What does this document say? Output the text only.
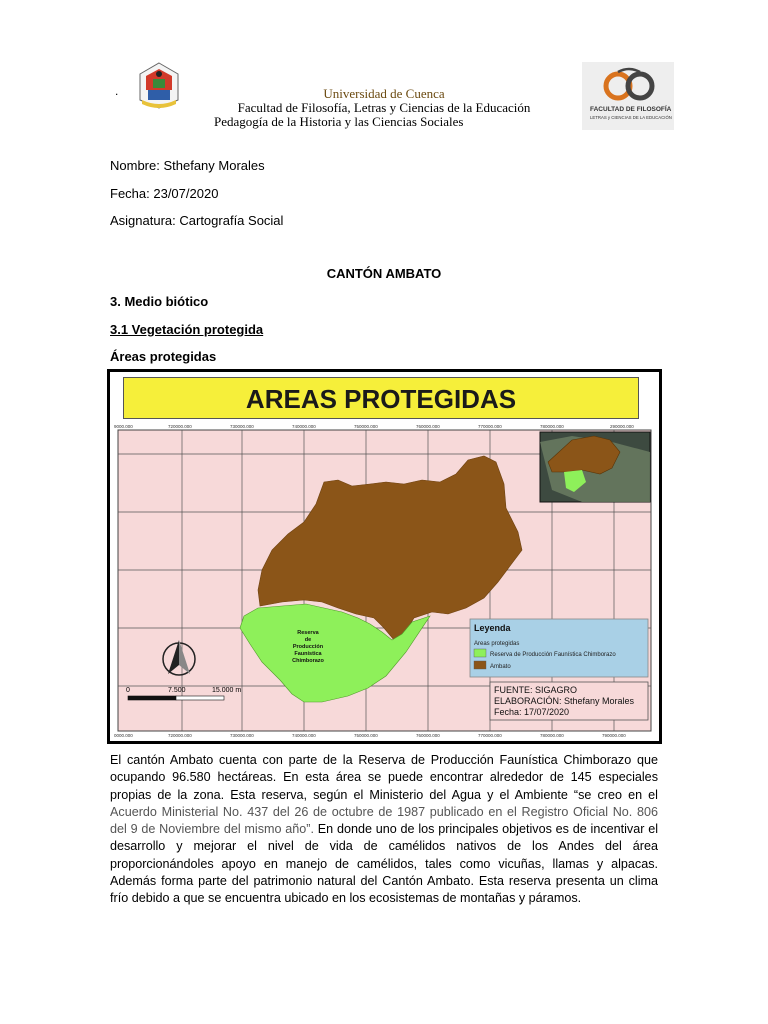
.	Universidad de Cuenca
Facultad de Filosofía, Letras y Ciencias de la Educación
Pedagogía de la Historia y las Ciencias Sociales
FACULTAD DE FILOSOFÍA
LETRAS y CIENCIAS DE LA EDUCACIÓN
Nombre: Sthefany Morales
Fecha: 23/07/2020
Asignatura: Cartografía Social
CANTÓN AMBATO
3. Medio biótico
3.1 Vegetación protegida
Áreas protegidas
AREAS PROTEGIDAS
9000.000	720000.000	730000.000	740000.000	750000.000	760000.000	770000.000	780000.000	290000.000
0000.000	720000.000	730000.000	740000.000	750000.000	760000.000	770000.000	780000.000	790000.000
Reserva
de
Producción
Faunística
Chimborazo
0	7.500	15.000 m
Leyenda
Areas protegidas
Reserva de Producción Faunística Chimborazo
Ambato
FUENTE: SIGAGRO
ELABORACIÓN: Sthefany Morales
Fecha: 17/07/2020
El cantón Ambato cuenta con parte de la Reserva de Producción Faunística Chimborazo que ocupando 96.580 hectáreas. En esta área se puede encontrar alrededor de 145 especiales propias de la zona. Esta reserva, según el Ministerio del Agua y el Ambiente “se creo en el Acuerdo Ministerial No. 437 del 26 de octubre de 1987 publicado en el Registro Oficial No. 806 del 9 de Noviembre del mismo año”. En donde uno de los principales objetivos es de incentivar el desarrollo y mejorar el nivel de vida de camélidos nativos de los Andes del área proporcionándoles apoyo en manejo de camélidos, tales como vicuñas, llamas y alpacas. Además forma parte del patrimonio natural del Cantón Ambato. Esta reserva presenta un clima frío debido a que se encuentra ubicado en los ecosistemas de montañas y páramos.
